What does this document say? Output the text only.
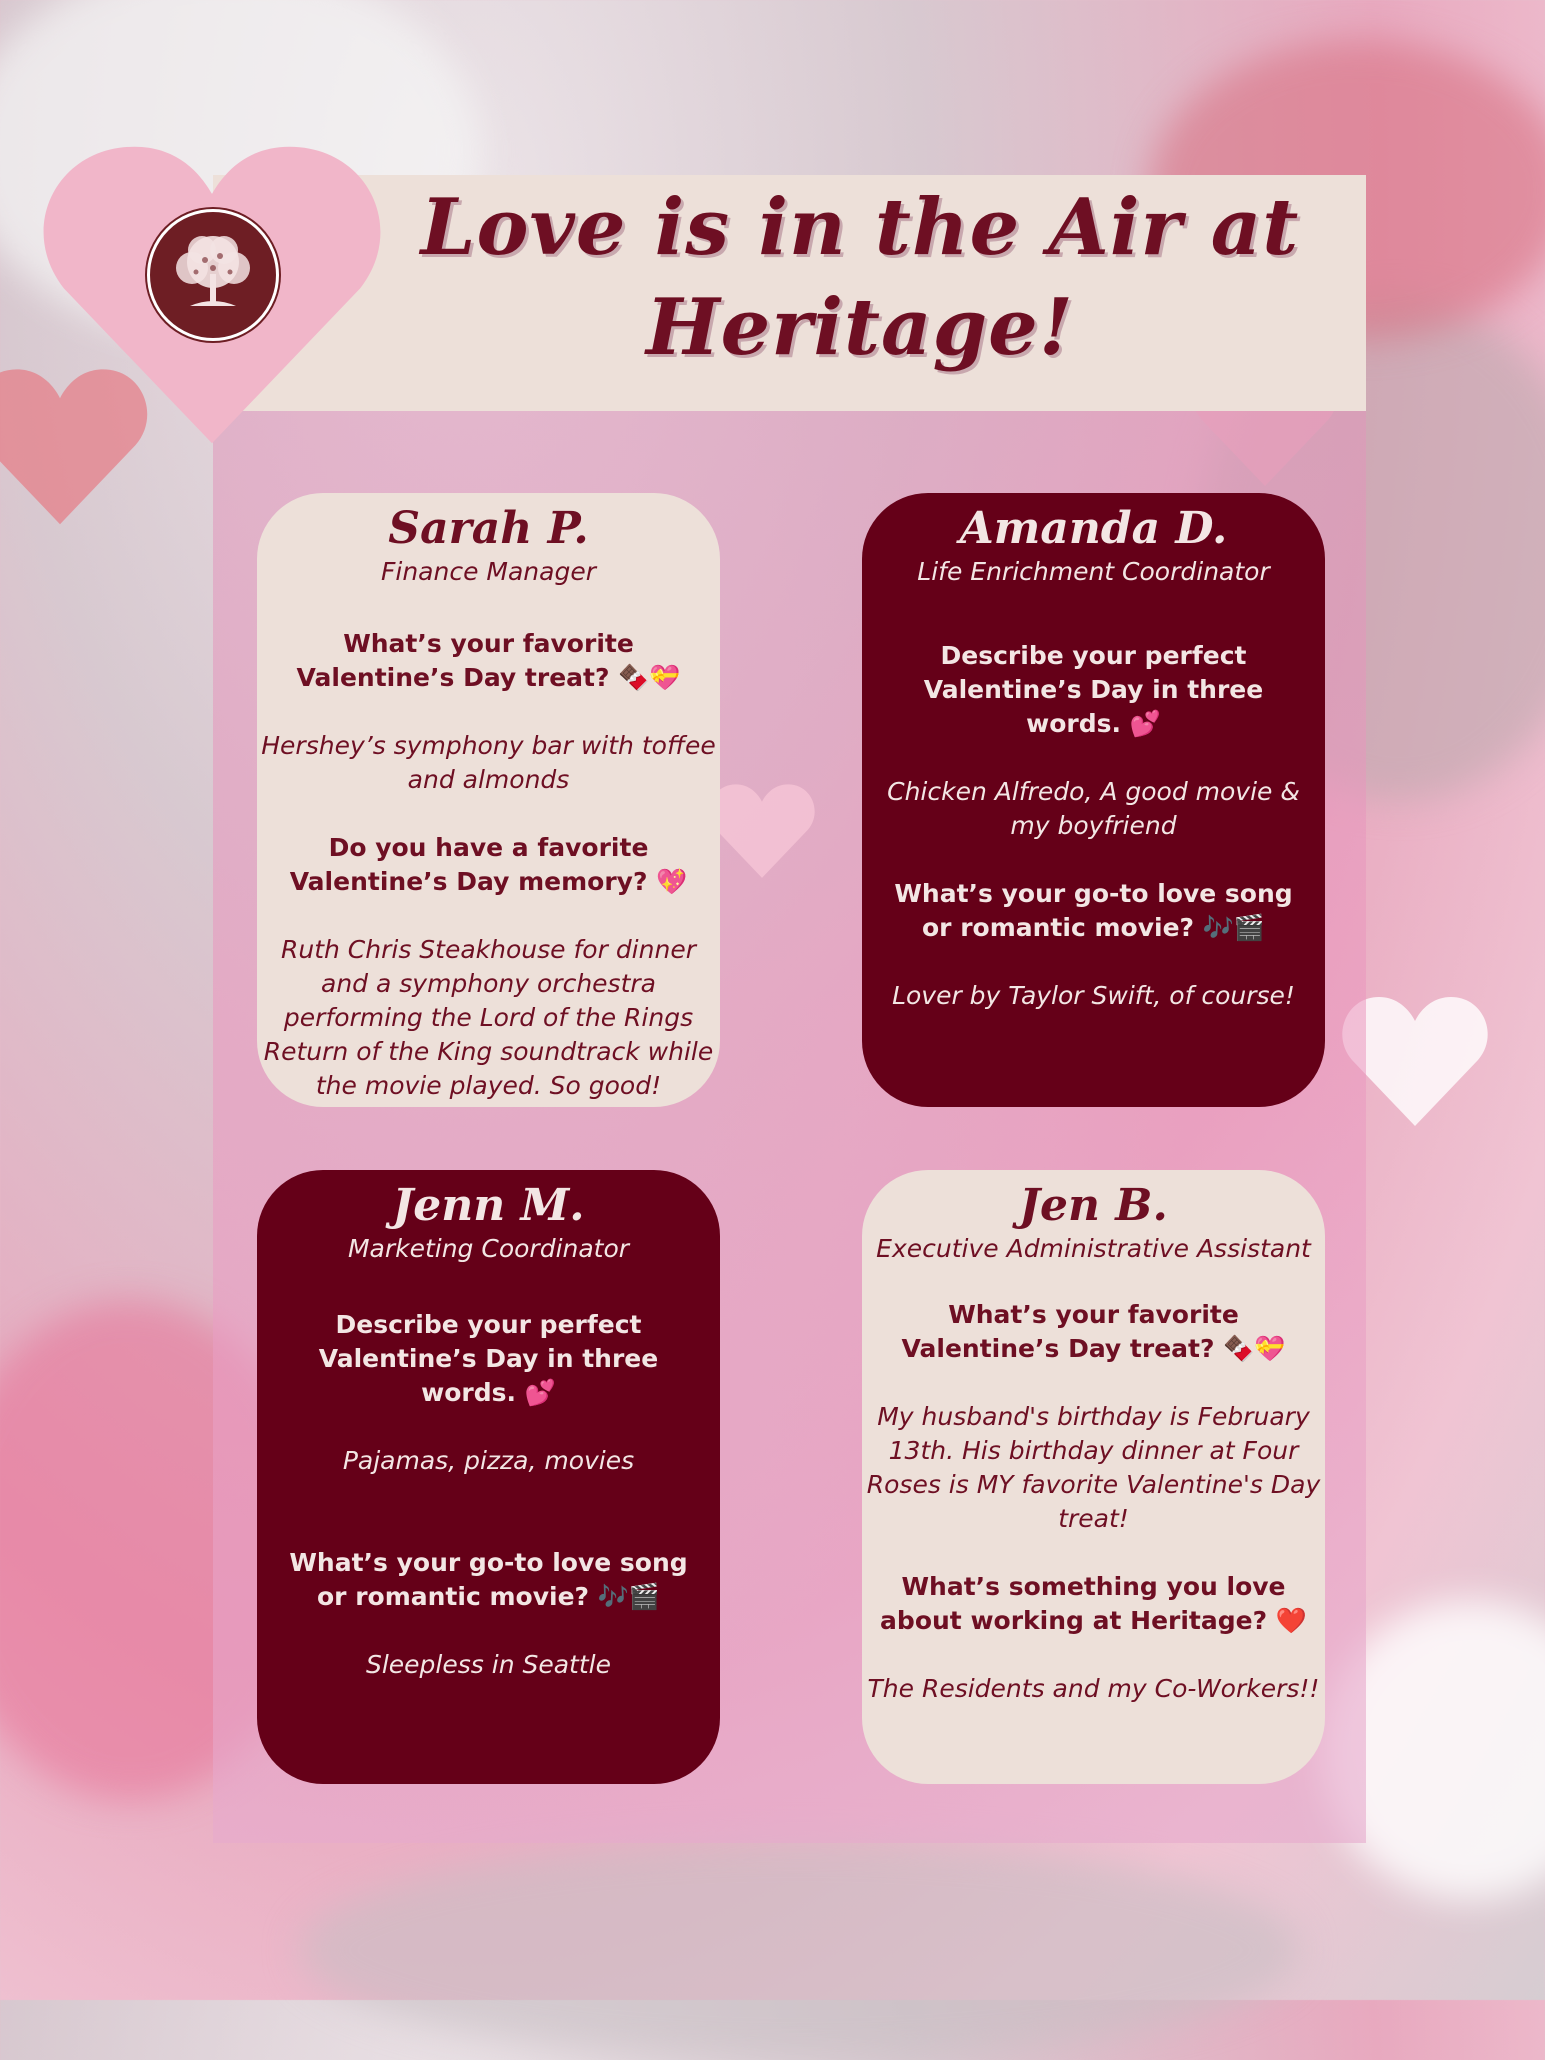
Love is in the Air at Heritage!
Sarah P.
Finance Manager
What’s your favorite Valentine’s Day treat? 🍫💝
Hershey’s symphony bar with toffee and almonds
Do you have a favorite Valentine’s Day memory? 💖
Ruth Chris Steakhouse for dinner and a symphony orchestra performing the Lord of the Rings Return of the King soundtrack while the movie played. So good!
Amanda D.
Life Enrichment Coordinator
Describe your perfect Valentine’s Day in three words. 💕
Chicken Alfredo, A good movie & my boyfriend
What’s your go-to love song or romantic movie? 🎶🎬
Lover by Taylor Swift, of course!
Jenn M.
Marketing Coordinator
Describe your perfect Valentine’s Day in three words. 💕
Pajamas, pizza, movies
What’s your go-to love song or romantic movie? 🎶🎬
Sleepless in Seattle
Jen B.
Executive Administrative Assistant
What’s your favorite Valentine’s Day treat? 🍫💝
My husband's birthday is February 13th. His birthday dinner at Four Roses is MY favorite Valentine's Day treat!
What’s something you love about working at Heritage? ❤️
The Residents and my Co-Workers!!
